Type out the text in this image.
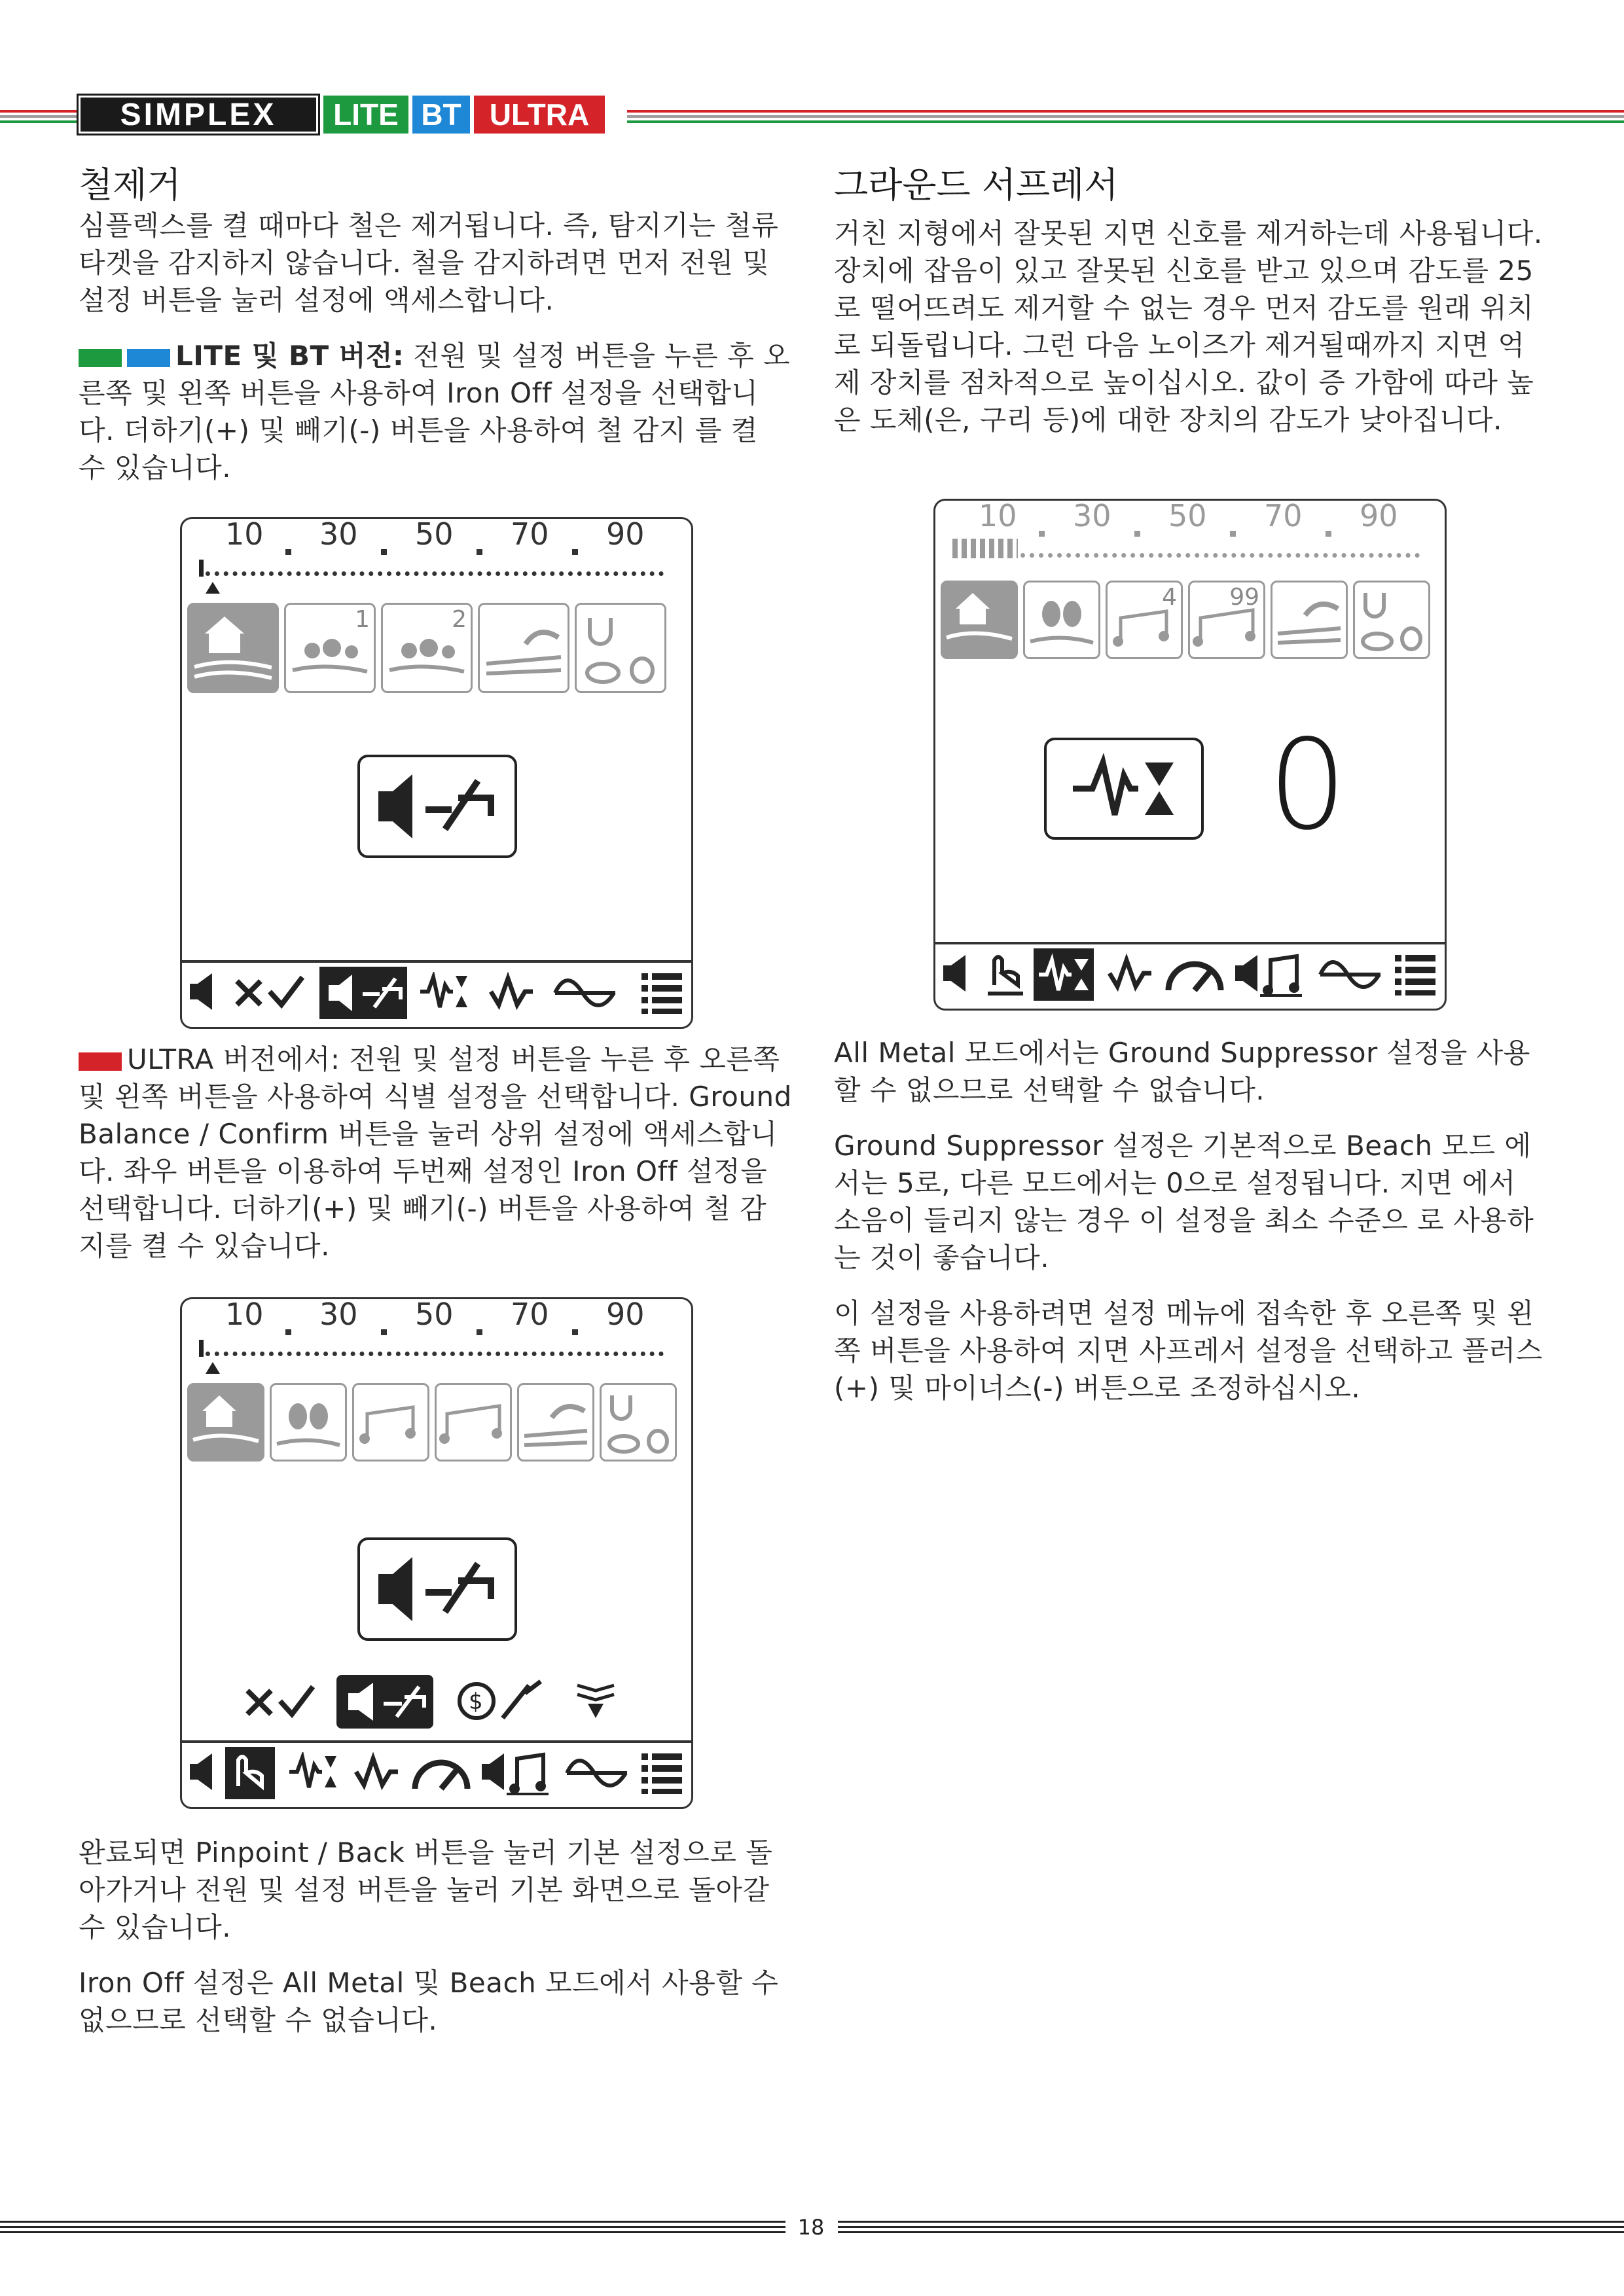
SIMPLEX	LITE BT ULTRA
철제거

심플렉스를 켤 때마다 철은 제거됩니다. 즉, 탐지기는 철류 타겟을 감지하지 않습니다. 철을 감지하려면 먼저 전원 및 설정 버튼을 눌러 설정에 액세스합니다.

LITE 및 BT 버전: 전원 및 설정 버튼을 누른 후 오 른쪽 및 왼쪽 버튼을 사용하여 Iron Off 설정을 선택합니 다. 더하기(+) 및 빼기(-) 버튼을 사용하여 철 감지 를 켤 수 있습니다.

10 30 50 70 90
1	2

ULTRA 버전에서: 전원 및 설정 버튼을 누른 후 오른쪽 및 왼쪽 버튼을 사용하여 식별 설정을 선택합니다. Ground Balance / Confirm 버튼을 눌러 상위 설정에 액세스합니다. 좌우 버튼을 이용하여 두번째 설정인 Iron Off 설정을 선택합니다. 더하기(+) 및 빼기(-) 버튼을 사용하여 철 감지를 켤 수 있습니다.

10 30 50 70 90
$

완료되면 Pinpoint / Back 버튼을 눌러 기본 설정으로 돌아가거나 전원 및 설정 버튼을 눌러 기본 화면으로 돌아갈 수 있습니다.

Iron Off 설정은 All Metal 및 Beach 모드에서 사용할 수 없으므로 선택할 수 없습니다.

그라운드 서프레서

거친 지형에서 잘못된 지면 신호를 제거하는데 사용됩니다. 장치에 잡음이 있고 잘못된 신호를 받고 있으며 감도를 25로 떨어뜨려도 제거할 수 없는 경우 먼저 감도를 원래 위치로 되돌립니다. 그런 다음 노이즈가 제거될때까지 지면 억제 장치를 점차적으로 높이십시오. 값이 증 가함에 따라 높은 도체(은, 구리 등)에 대한 장치의 감도가 낮아집니다.

10 30 50 70 90
4 99
0

All Metal 모드에서는 Ground Suppressor 설정을 사용할 수 없으므로 선택할 수 없습니다.

Ground Suppressor 설정은 기본적으로 Beach 모드 에서는 5로, 다른 모드에서는 0으로 설정됩니다. 지면 에서 소음이 들리지 않는 경우 이 설정을 최소 수준으 로 사용하는 것이 좋습니다.

이 설정을 사용하려면 설정 메뉴에 접속한 후 오른쪽 및 왼쪽 버튼을 사용하여 지면 사프레서 설정을 선택하고 플러스(+) 및 마이너스(-) 버튼으로 조정하십시오.

18
